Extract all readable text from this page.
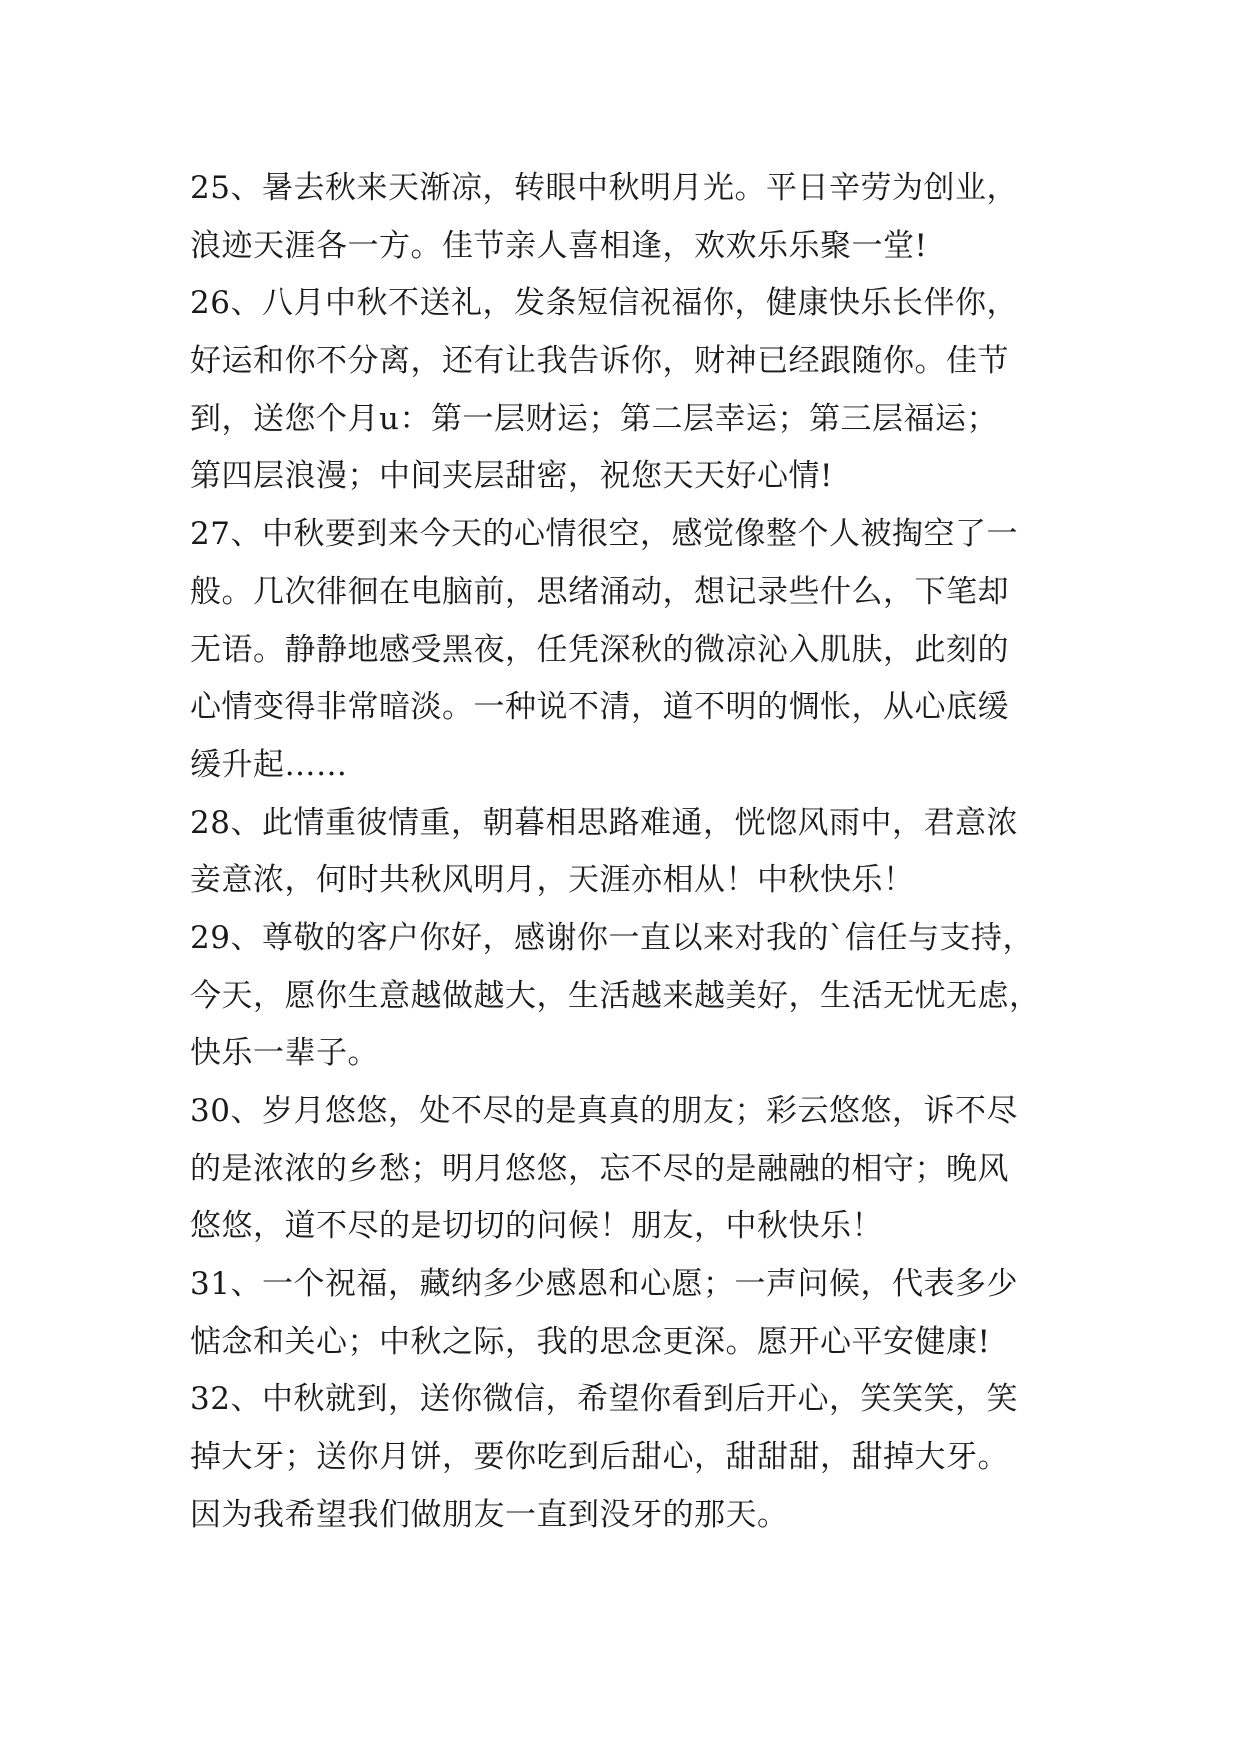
25、暑去秋来天渐凉，转眼中秋明月光。平日辛劳为创业，
浪迹天涯各一方。佳节亲人喜相逢，欢欢乐乐聚一堂!
26、八月中秋不送礼，发条短信祝福你，健康快乐长伴你，
好运和你不分离，还有让我告诉你，财神已经跟随你。佳节
到，送您个月u：第一层财运；第二层幸运；第三层福运；
第四层浪漫；中间夹层甜密，祝您天天好心情!
27、中秋要到来今天的心情很空，感觉像整个人被掏空了一
般。几次徘徊在电脑前，思绪涌动，想记录些什么，下笔却
无语。静静地感受黑夜，任凭深秋的微凉沁入肌肤，此刻的
心情变得非常暗淡。一种说不清，道不明的惆怅，从心底缓
缓升起……
28、此情重彼情重，朝暮相思路难通，恍惚风雨中，君意浓
妾意浓，何时共秋风明月，天涯亦相从！中秋快乐！
29、尊敬的客户你好，感谢你一直以来对我的`信任与支持，
今天，愿你生意越做越大，生活越来越美好，生活无忧无虑，
快乐一辈子。
30、岁月悠悠，处不尽的是真真的朋友；彩云悠悠，诉不尽
的是浓浓的乡愁；明月悠悠，忘不尽的是融融的相守；晚风
悠悠，道不尽的是切切的问候！朋友，中秋快乐！
31、一个祝福，藏纳多少感恩和心愿；一声问候，代表多少
惦念和关心；中秋之际，我的思念更深。愿开心平安健康!
32、中秋就到，送你微信，希望你看到后开心，笑笑笑，笑
掉大牙；送你月饼，要你吃到后甜心，甜甜甜，甜掉大牙。
因为我希望我们做朋友一直到没牙的那天。
